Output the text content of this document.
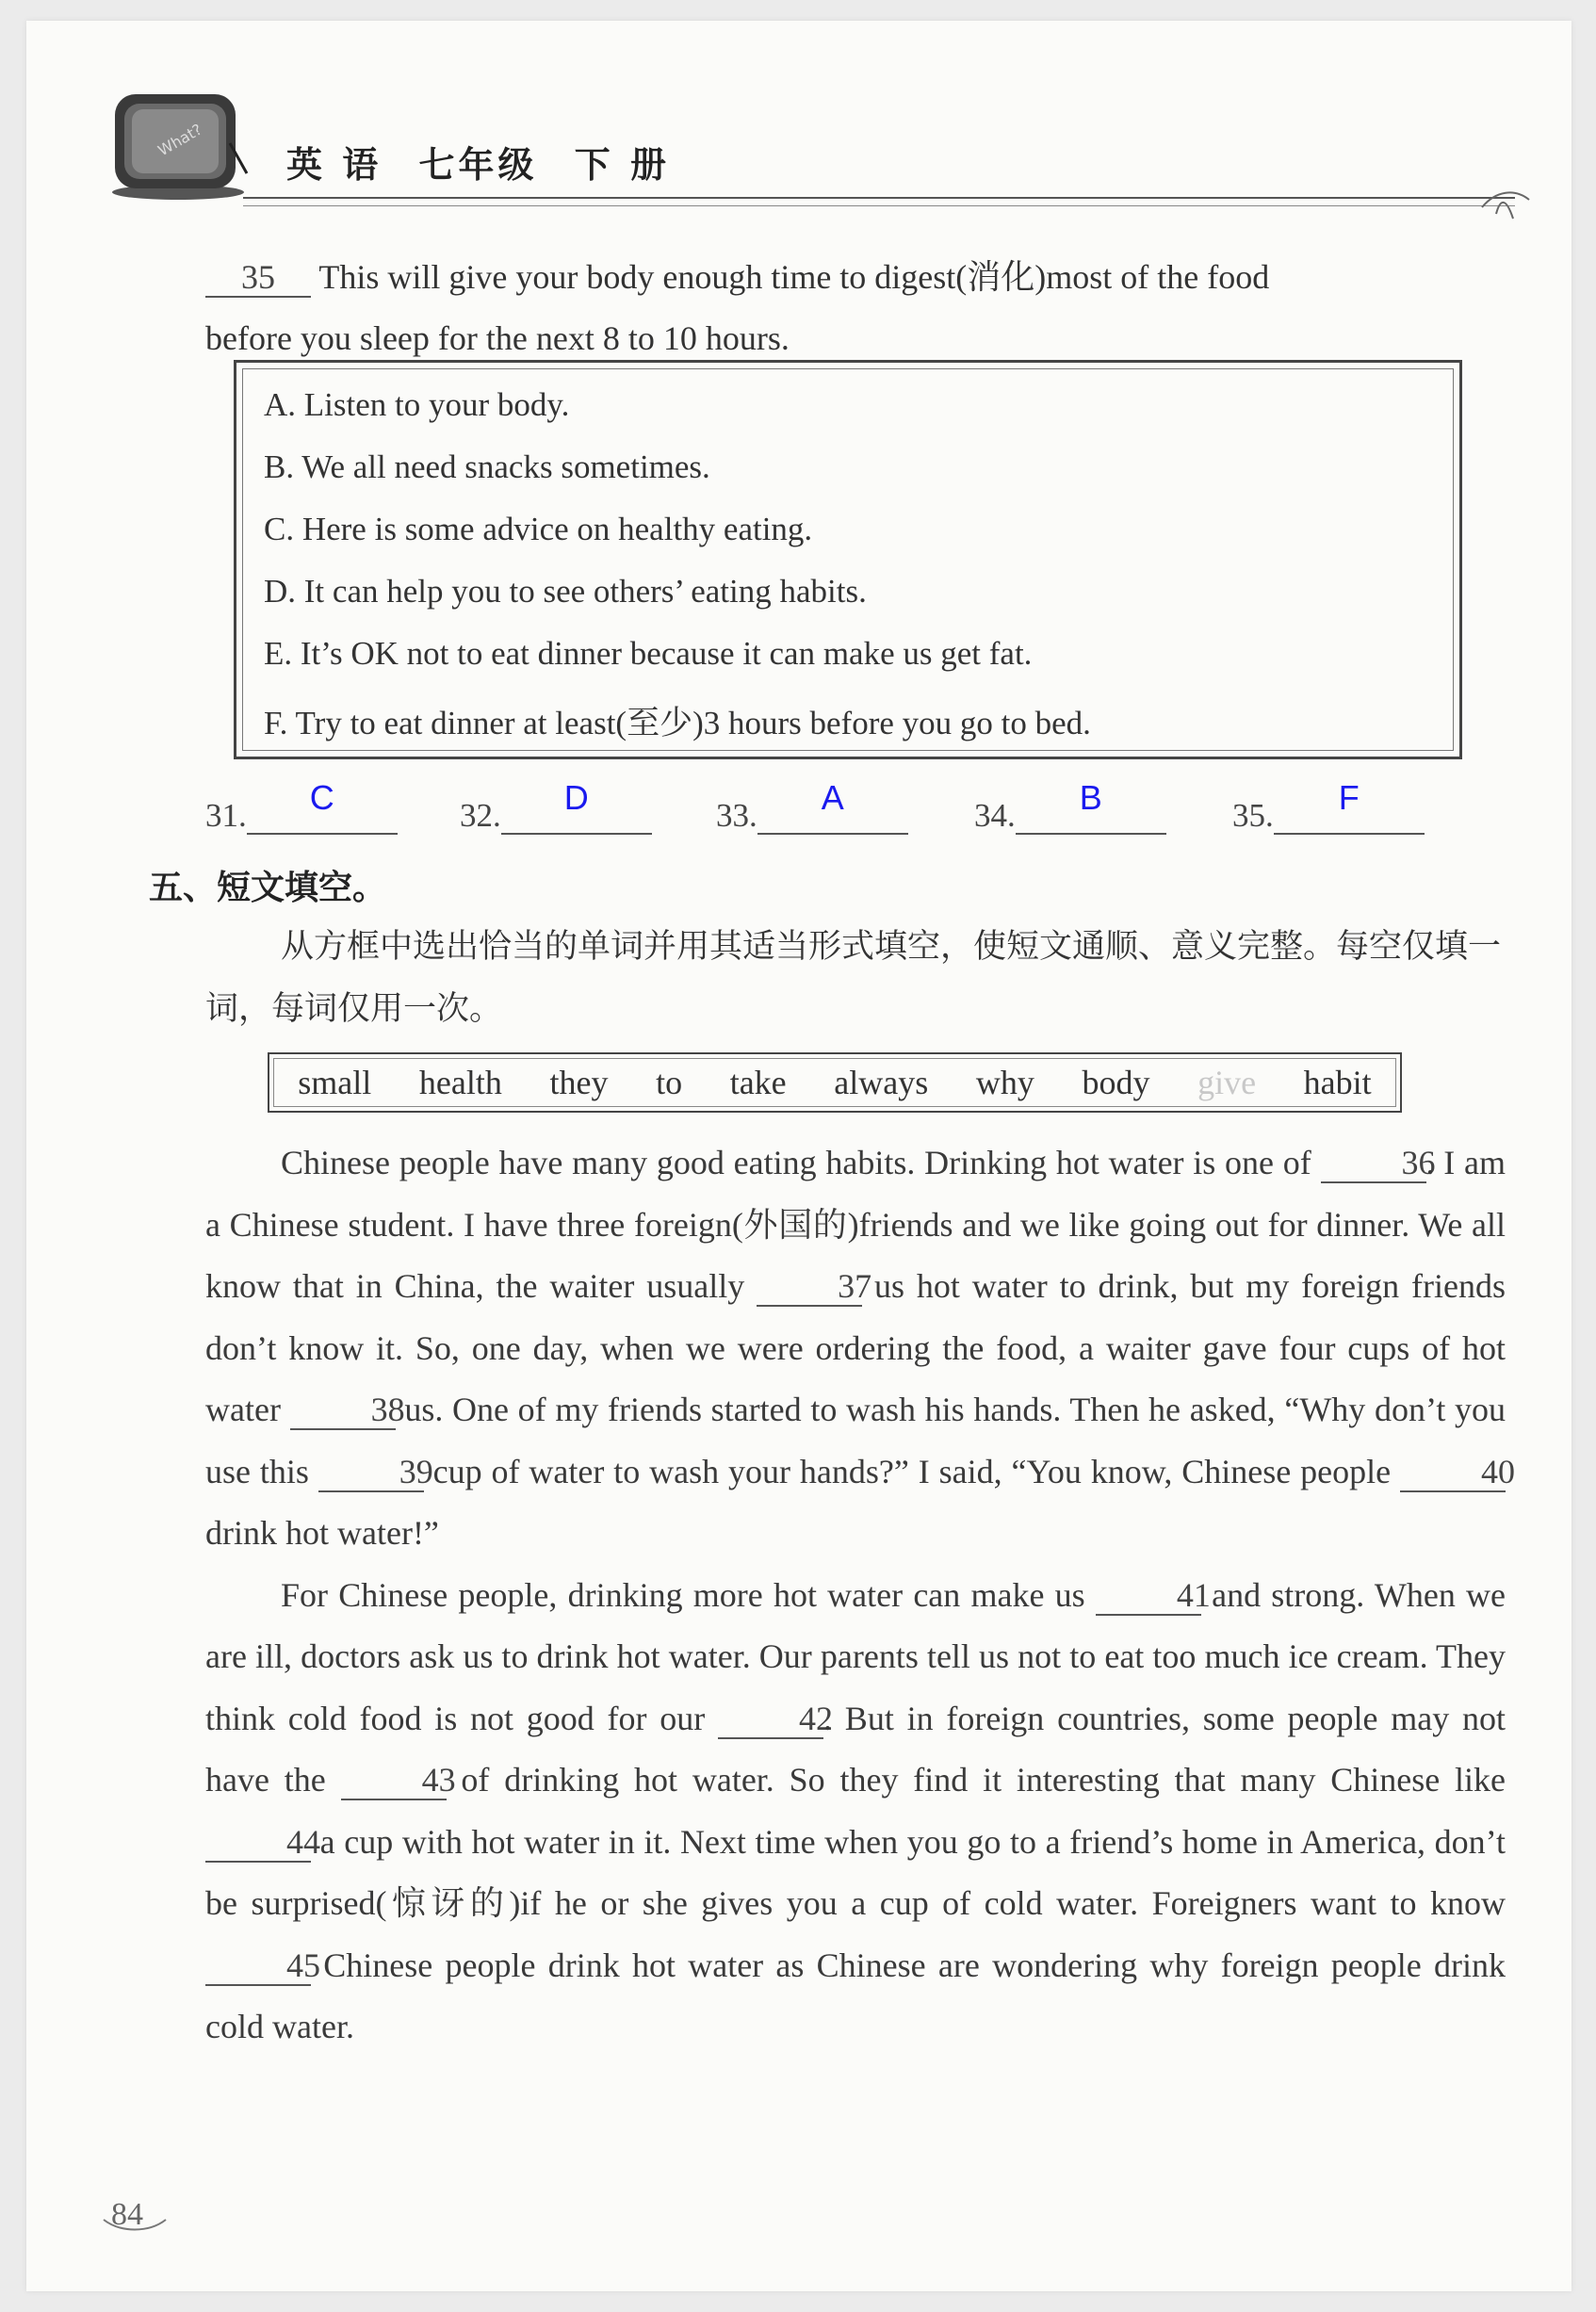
What?
英 语 七年级 下 册
35 This will give your body enough time to digest(消化)most of the food
before you sleep for the next 8 to 10 hours.
A. Listen to your body.
B. We all need snacks sometimes.
C. Here is some advice on healthy eating.
D. It can help you to see others’ eating habits.
E. It’s OK not to eat dinner because it can make us get fat.
F. Try to eat dinner at least(至少)3 hours before you go to bed.
31.	C	32.	D	33.	A	34.	B	35.	F
五、短文填空。
从方框中选出恰当的单词并用其适当形式填空，使短文通顺、意义完整。每空仅填一词，每词仅用一次。
small health they to take always why body give habit

Chinese people have many good eating habits. Drinking hot water is one of	36. I am a Chinese student. I have three foreign(外国的)friends and we like going out for dinner. We all know that in China, the waiter usually	37 us hot water to drink, but my foreign friends don’t know it. So, one day, when we were ordering the food, a waiter gave four cups of hot water	38 us. One of my friends started to wash his hands. Then he asked, “Why don’t you use this	39 cup of water to wash your hands?” I said, “You know, Chinese people	40 drink hot water!”

For Chinese people, drinking more hot water can make us	41 and strong. When we are ill, doctors ask us to drink hot water. Our parents tell us not to eat too much ice cream. They think cold food is not good for our	42. But in foreign countries, some people may not have the	43 of drinking hot water. So they find it interesting that many Chinese like 44 a cup with hot water in it. Next time when you go to a friend’s home in America, don’t be surprised(惊讶的)if he or she gives you a cup of cold water. Foreigners want to know 45 Chinese people drink hot water as Chinese are wondering why foreign people drink cold water.

84
